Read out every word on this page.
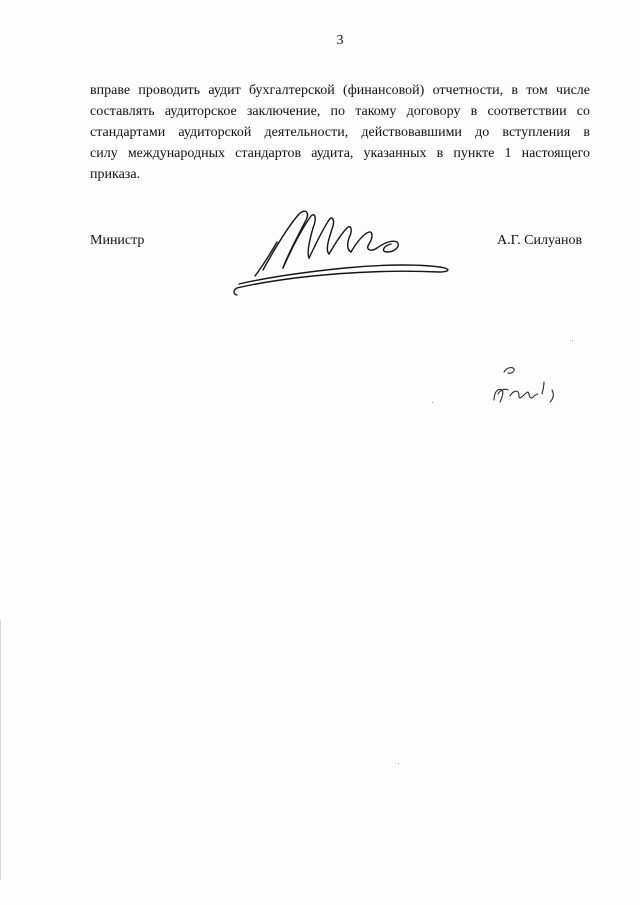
3
вправе проводить аудит бухгалтерской (финансовой) отчетности, в том числе
составлять аудиторское заключение, по такому договору в соответствии со
стандартами аудиторской деятельности, действовавшими до вступления в
силу международных стандартов аудита, указанных в пункте 1 настоящего
приказа.
Министр	А.Г. Силуанов
